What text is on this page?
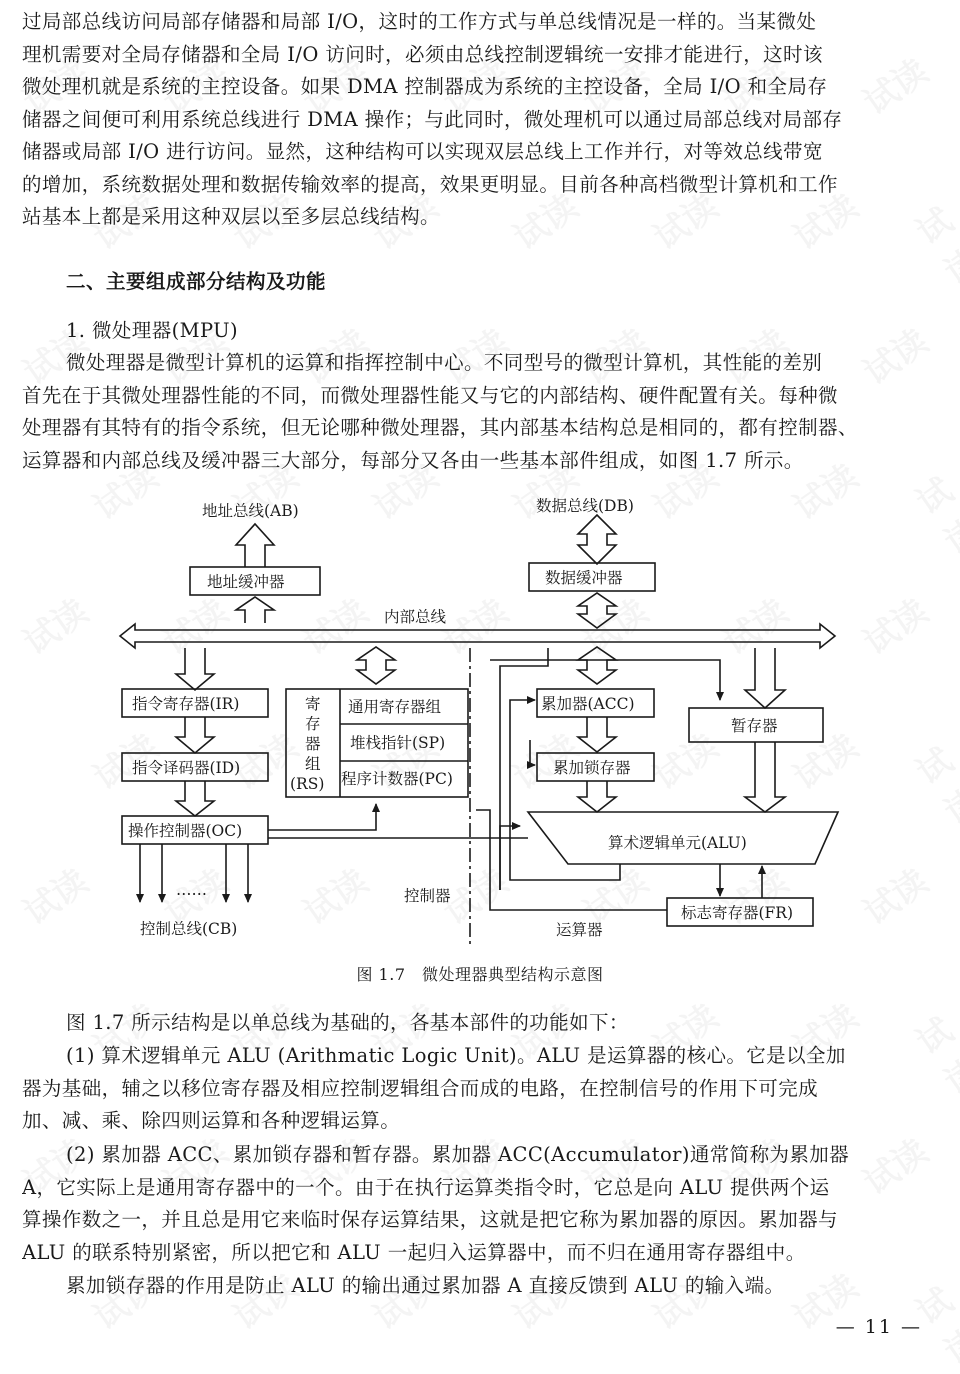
过局部总线访问局部存储器和局部 I/O，这时的工作方式与单总线情况是一样的。当某微处
理机需要对全局存储器和全局 I/O 访问时，必须由总线控制逻辑统一安排才能进行，这时该
微处理机就是系统的主控设备。如果 DMA 控制器成为系统的主控设备，全局 I/O 和全局存
储器之间便可利用系统总线进行 DMA 操作；与此同时，微处理机可以通过局部总线对局部存
储器或局部 I/O 进行访问。显然，这种结构可以实现双层总线上工作并行，对等效总线带宽
的增加，系统数据处理和数据传输效率的提高，效果更明显。目前各种高档微型计算机和工作
站基本上都是采用这种双层以至多层总线结构。
二、主要组成部分结构及功能
1. 微处理器(MPU)
微处理器是微型计算机的运算和指挥控制中心。不同型号的微型计算机，其性能的差别
首先在于其微处理器性能的不同，而微处理器性能又与它的内部结构、硬件配置有关。每种微
处理器有其特有的指令系统，但无论哪种微处理器，其内部基本结构总是相同的，都有控制器、
运算器和内部总线及缓冲器三大部分，每部分又各由一些基本部件组成，如图 1.7 所示。
地址总线(AB)	数据总线(DB)
地址缓冲器	数据缓冲器
内部总线
指令寄存器(IR)
指令译码器(ID)
操作控制器(OC)
寄
存
器
组
(RS)
通用寄存器组
堆栈指针(SP)
程序计数器(PC)
累加器(ACC)
累加锁存器
暂存器
算术逻辑单元(ALU)
标志寄存器(FR)
……
控制总线(CB)
控制器
运算器
图 1.7　微处理器典型结构示意图
图 1.7 所示结构是以单总线为基础的，各基本部件的功能如下：
(1) 算术逻辑单元 ALU (Arithmatic Logic Unit)。ALU 是运算器的核心。它是以全加
器为基础，辅之以移位寄存器及相应控制逻辑组合而成的电路，在控制信号的作用下可完成
加、减、乘、除四则运算和各种逻辑运算。
(2) 累加器 ACC、累加锁存器和暂存器。累加器 ACC(Accumulator)通常简称为累加器
A，它实际上是通用寄存器中的一个。由于在执行运算类指令时，它总是向 ALU 提供两个运
算操作数之一，并且总是用它来临时保存运算结果，这就是把它称为累加器的原因。累加器与
ALU 的联系特别紧密，所以把它和 ALU 一起归入运算器中，而不归在通用寄存器组中。
累加锁存器的作用是防止 ALU 的输出通过累加器 A 直接反馈到 ALU 的输入端。
— 11 —
